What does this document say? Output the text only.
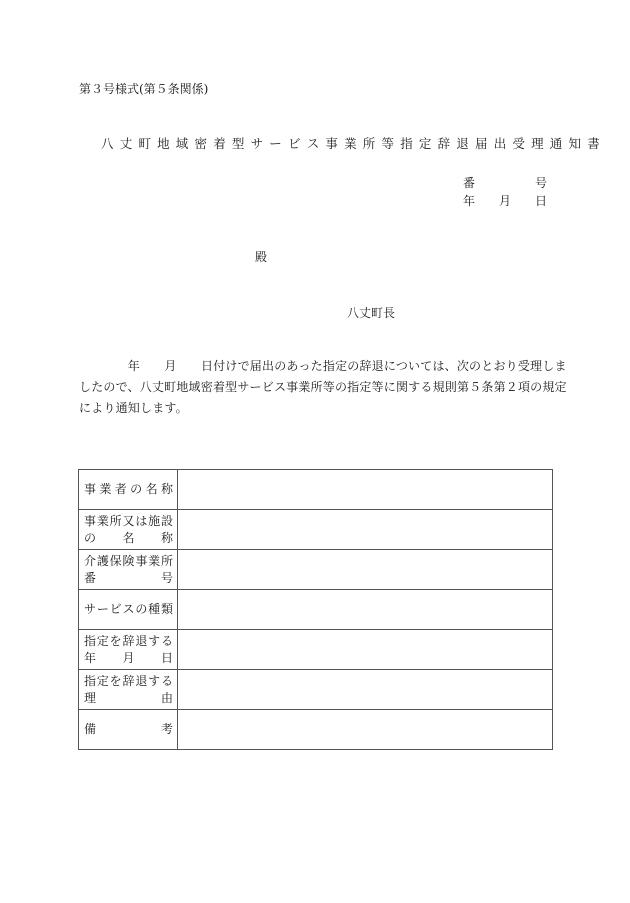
第３号様式(第５条関係)
八丈町地域密着型サービス事業所等指定辞退届出受理通知書
番	号
年 月 日
殿
八丈町長
　　　　年　　月　　日付けで届出のあった指定の辞退については、次のとおり受理しま
したので、八丈町地域密着型サービス事業所等の指定等に関する規則第５条第２項の規定
により通知します。
事 業 者 の 名 称

事 業 所 又 は 施 設
の 名 称

介 護 保 険 事 業 所
番	号

サ ー ビ ス の 種 類

指 定 を 辞 退 す る
年 月 日

指 定 を 辞 退 す る
理	由

備 考	
